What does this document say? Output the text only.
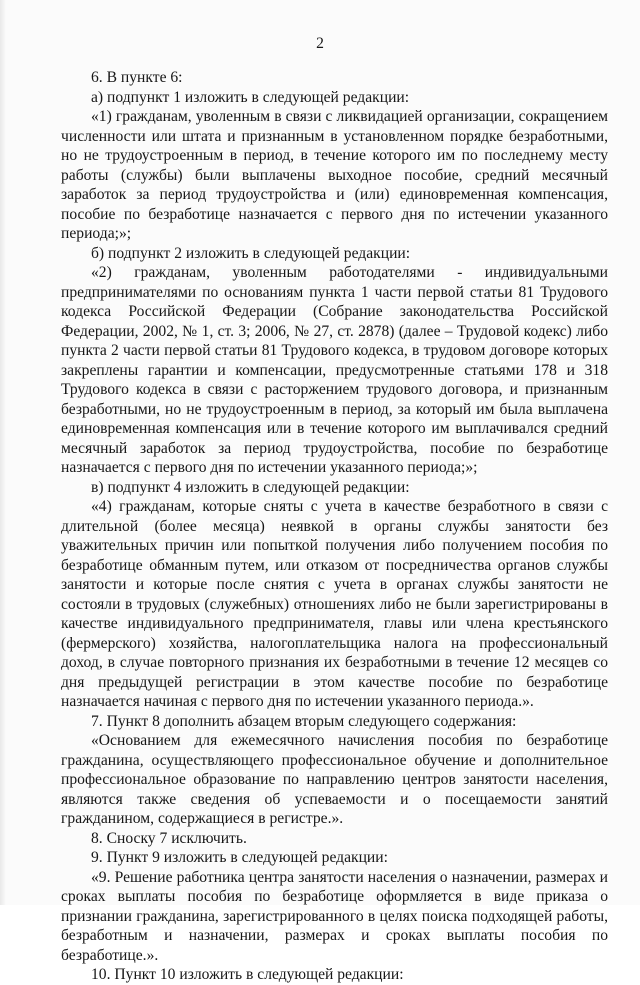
2

6. В пункте 6:

а) подпункт 1 изложить в следующей редакции:

«1) гражданам, уволенным в связи с ликвидацией организации, сокращением численности или штата и признанным в установленном порядке безработными, но не трудоустроенным в период, в течение которого им по последнему месту работы (службы) были выплачены выходное пособие, средний месячный заработок за период трудоустройства и (или) единовременная компенсация, пособие по безработице назначается с первого дня по истечении указанного периода;»;

б) подпункт 2 изложить в следующей редакции:

«2) гражданам, уволенным работодателями - индивидуальными предпринимателями по основаниям пункта 1 части первой статьи 81 Трудового кодекса Российской Федерации (Собрание законодательства Российской Федерации, 2002, № 1, ст. 3; 2006, № 27, ст. 2878) (далее – Трудовой кодекс) либо пункта 2 части первой статьи 81 Трудового кодекса, в трудовом договоре которых закреплены гарантии и компенсации, предусмотренные статьями 178 и 318 Трудового кодекса в связи с расторжением трудового договора, и признанным безработными, но не трудоустроенным в период, за который им была выплачена единовременная компенсация или в течение которого им выплачивался средний месячный заработок за период трудоустройства, пособие по безработице назначается с первого дня по истечении указанного периода;»;

в) подпункт 4 изложить в следующей редакции:

«4) гражданам, которые сняты с учета в качестве безработного в связи с длительной (более месяца) неявкой в органы службы занятости без уважительных причин или попыткой получения либо получением пособия по безработице обманным путем, или отказом от посредничества органов службы занятости и которые после снятия с учета в органах службы занятости не состояли в трудовых (служебных) отношениях либо не были зарегистрированы в качестве индивидуального предпринимателя, главы или члена крестьянского (фермерского) хозяйства, налогоплательщика налога на профессиональный доход, в случае повторного признания их безработными в течение 12 месяцев со дня предыдущей регистрации в этом качестве пособие по безработице назначается начиная с первого дня по истечении указанного периода.».

7. Пункт 8 дополнить абзацем вторым следующего содержания:

«Основанием для ежемесячного начисления пособия по безработице гражданина, осуществляющего профессиональное обучение и дополнительное профессиональное образование по направлению центров занятости населения, являются также сведения об успеваемости и о посещаемости занятий гражданином, содержащиеся в регистре.».

8. Сноску 7 исключить.

9. Пункт 9 изложить в следующей редакции:

«9. Решение работника центра занятости населения о назначении, размерах и сроках выплаты пособия по безработице оформляется в виде приказа о признании гражданина, зарегистрированного в целях поиска подходящей работы, безработным и назначении, размерах и сроках выплаты пособия по безработице.».

10. Пункт 10 изложить в следующей редакции:
